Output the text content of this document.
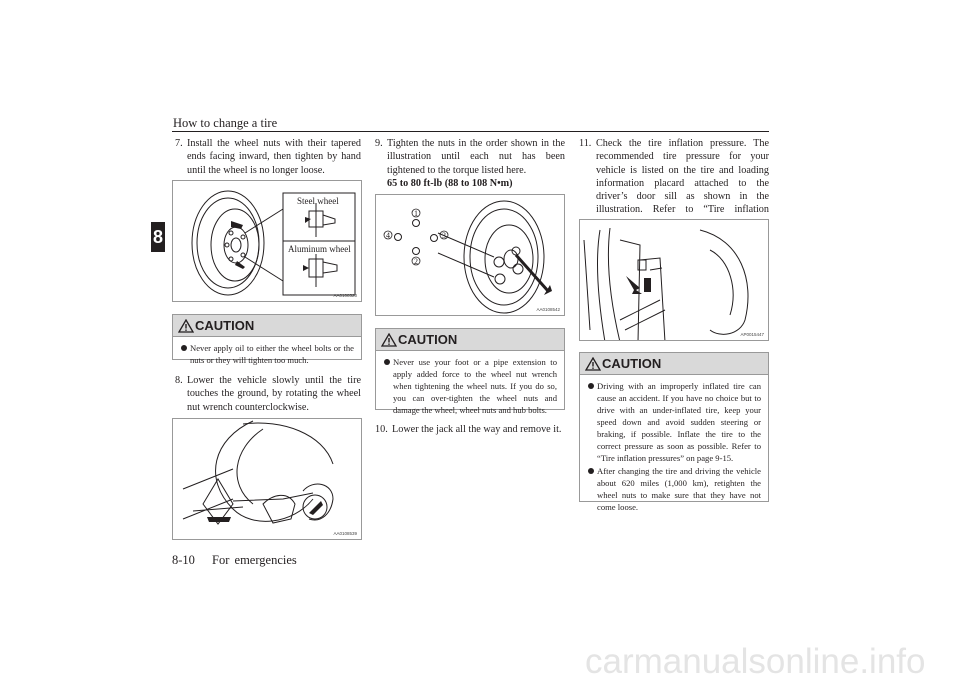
How to change a tire
8
7. Install the wheel nuts with their tapered ends facing inward, then tighten by hand until the wheel is no longer loose.
Steel wheel
Aluminum wheel
AA0108520
CAUTION
Never apply oil to either the wheel bolts or the nuts or they will tighten too much.
8. Lower the vehicle slowly until the tire touches the ground, by rotating the wheel nut wrench counterclockwise.
AA0108539
9. Tighten the nuts in the order shown in the illustration until each nut has been tightened to the torque listed here.
65 to 80 ft-lb (88 to 108 N•m)
1
2
3
4
AA0108542
CAUTION
Never use your foot or a pipe extension to apply added force to the wheel nut wrench when tightening the wheel nuts. If you do so, you can over-tighten the wheel nuts and damage the wheel, wheel nuts and hub bolts.
10. Lower the jack all the way and remove it.
11. Check the tire inflation pressure. The recommended tire pressure for your vehicle is listed on the tire and loading information placard attached to the driver’s door sill as shown in the illustration. Refer to “Tire inflation
AP0015447
CAUTION
Driving with an improperly inflated tire can cause an accident. If you have no choice but to drive with an under-inflated tire, keep your speed down and avoid sudden steering or braking, if possible. Inflate the tire to the correct pressure as soon as possible. Refer to “Tire inflation pressures” on page 9-15.
After changing the tire and driving the vehicle about 620 miles (1,000 km), retighten the wheel nuts to make sure that they have not come loose.
8-10 For emergencies
carmanualsonline.info
